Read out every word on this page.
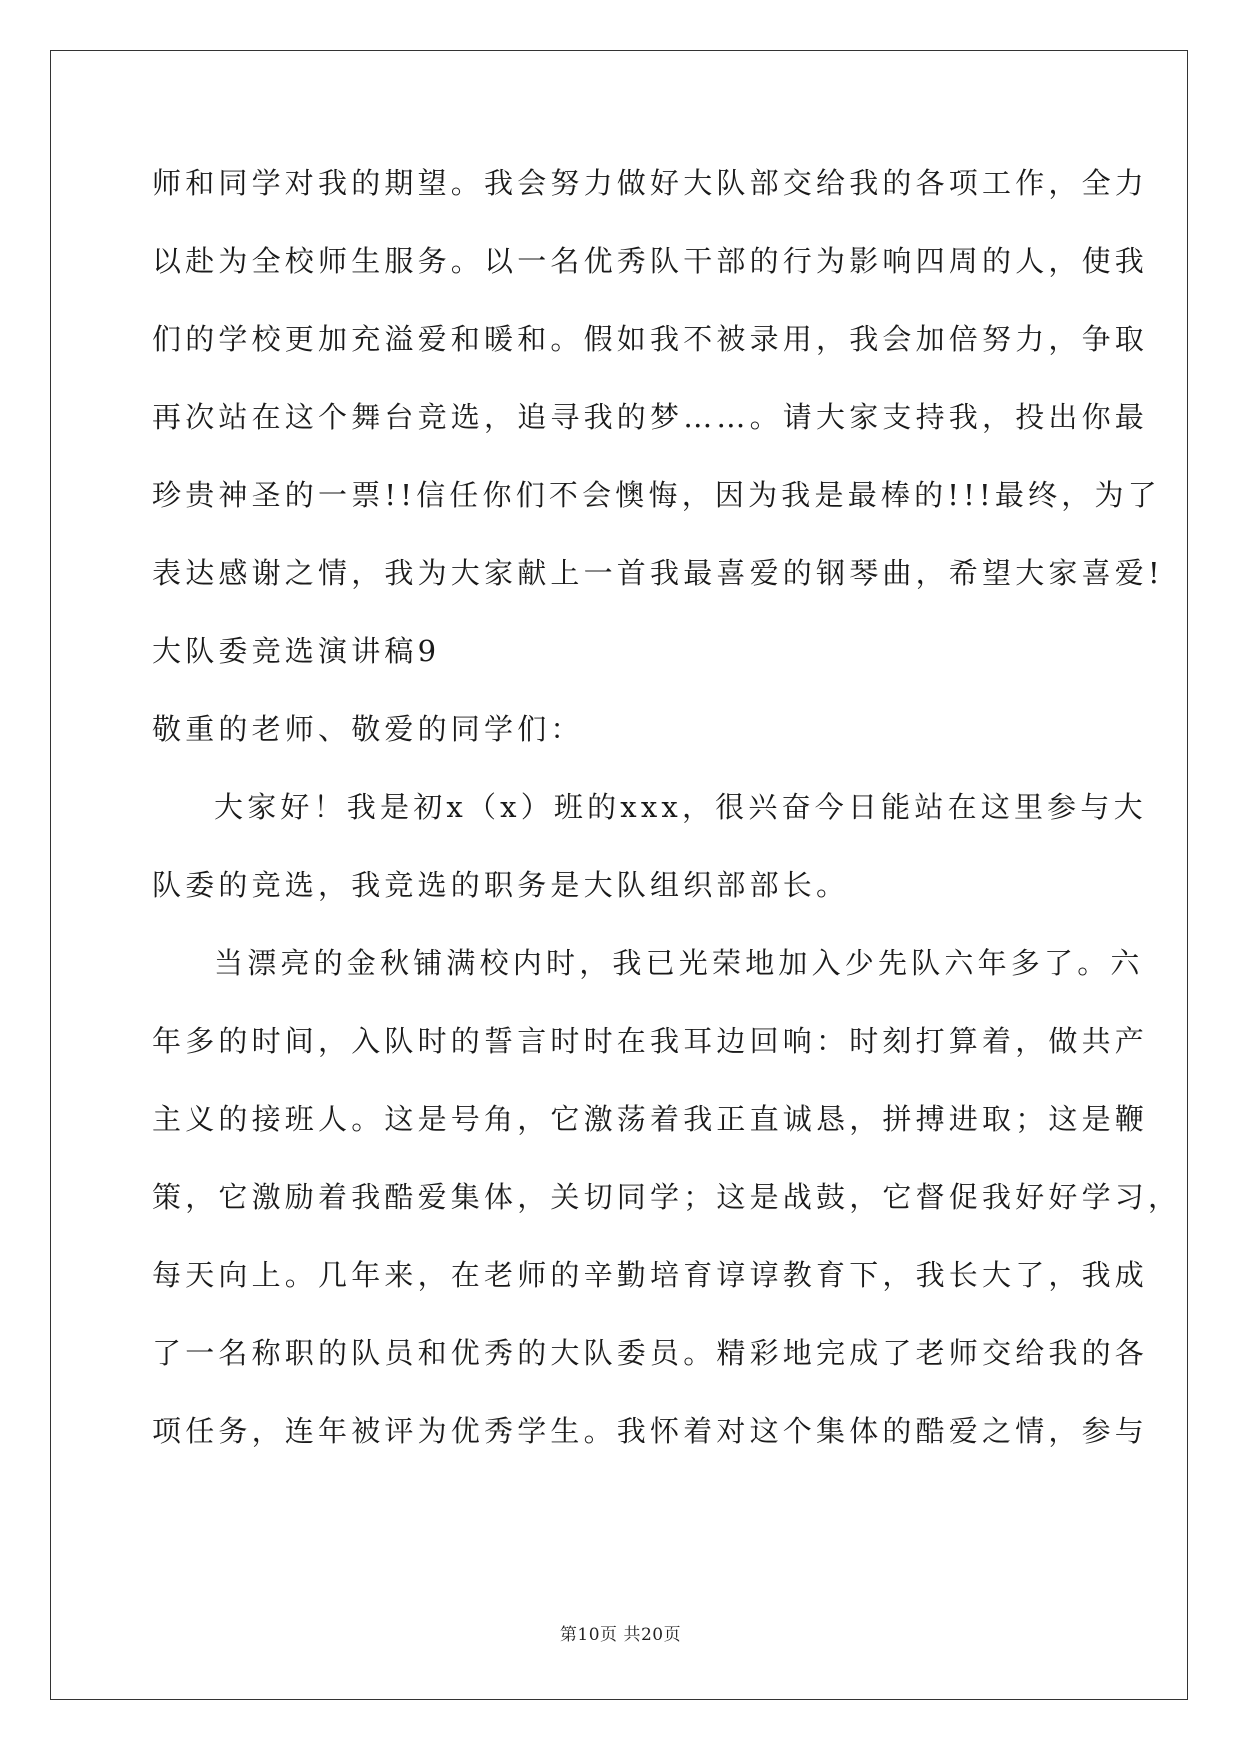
师和同学对我的期望。我会努力做好大队部交给我的各项工作，全力
以赴为全校师生服务。以一名优秀队干部的行为影响四周的人，使我
们的学校更加充溢爱和暖和。假如我不被录用，我会加倍努力，争取
再次站在这个舞台竞选，追寻我的梦……。请大家支持我，投出你最
珍贵神圣的一票!!信任你们不会懊悔，因为我是最棒的!!!最终，为了
表达感谢之情，我为大家献上一首我最喜爱的钢琴曲，希望大家喜爱!
大队委竞选演讲稿9
敬重的老师、敬爱的同学们：
大家好！我是初x（x）班的xxx，很兴奋今日能站在这里参与大
队委的竞选，我竞选的职务是大队组织部部长。
当漂亮的金秋铺满校内时，我已光荣地加入少先队六年多了。六
年多的时间，入队时的誓言时时在我耳边回响：时刻打算着，做共产
主义的接班人。这是号角，它激荡着我正直诚恳，拼搏进取；这是鞭
策，它激励着我酷爱集体，关切同学；这是战鼓，它督促我好好学习，
每天向上。几年来，在老师的辛勤培育谆谆教育下，我长大了，我成
了一名称职的队员和优秀的大队委员。精彩地完成了老师交给我的各
项任务，连年被评为优秀学生。我怀着对这个集体的酷爱之情，参与
第10页 共20页
